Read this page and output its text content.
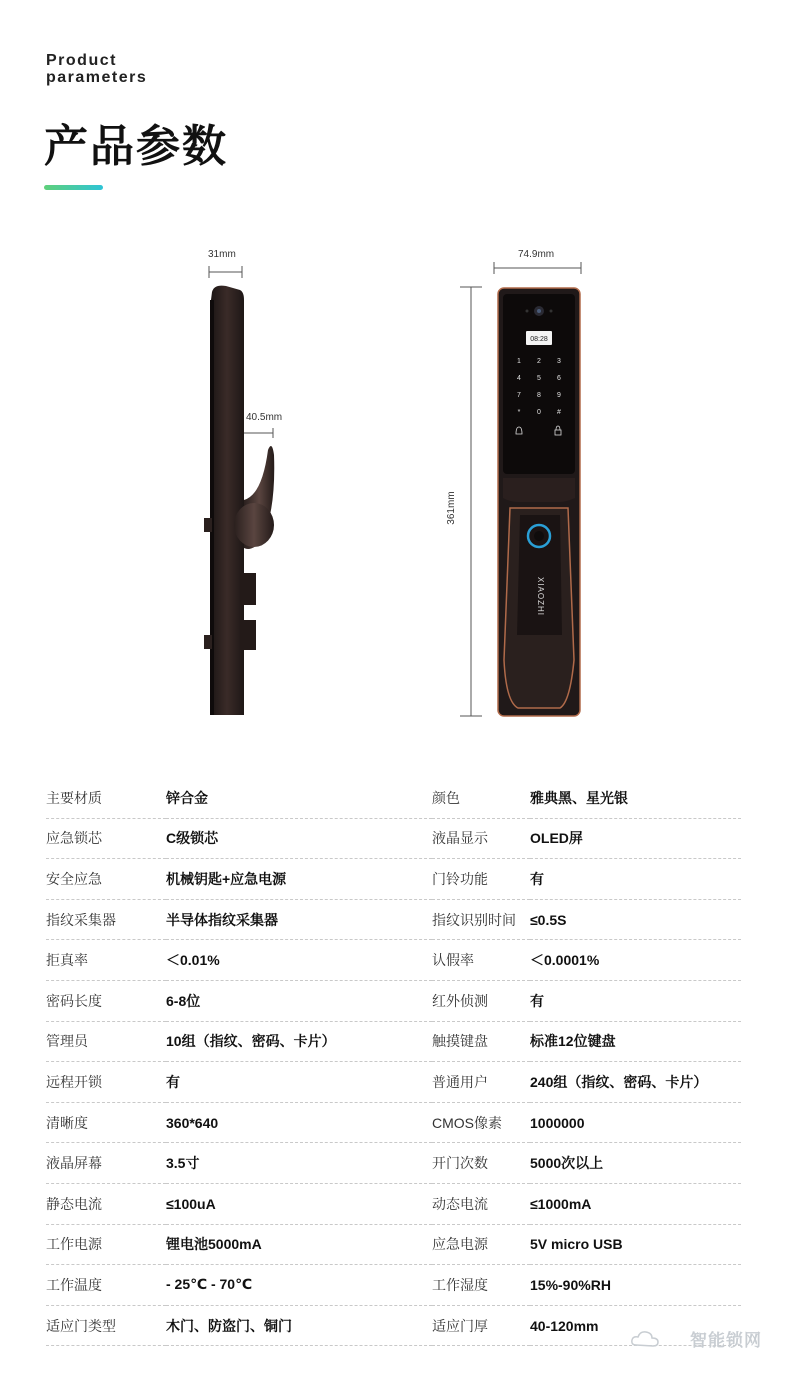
Product
parameters
产品参数
31mm
40.5mm
74.9mm
361mm
08:28
1 2 3
4 5 6
7 8 9
* 0 #
XIAOZHI
主要材质	锌合金	颜色	雅典黑、星光银
应急锁芯	C级锁芯	液晶显示	OLED屏
安全应急	机械钥匙+应急电源	门铃功能	有
指纹采集器	半导体指纹采集器	指纹识别时间	≤0.5S
拒真率	＜0.01%	认假率	＜0.0001%
密码长度	6-8位	红外侦测	有
管理员	10组（指纹、密码、卡片）	触摸键盘	标准12位键盘
远程开锁	有	普通用户	240组（指纹、密码、卡片）
清晰度	360*640	CMOS像素	1000000
液晶屏幕	3.5寸	开门次数	5000次以上
静态电流	≤100uA	动态电流	≤1000mA
工作电源	锂电池5000mA	应急电源	5V micro USB
工作温度	- 25℃ - 70℃	工作湿度	15%-90%RH
适应门类型	木门、防盗门、铜门	适应门厚	40-120mm
智能锁网
